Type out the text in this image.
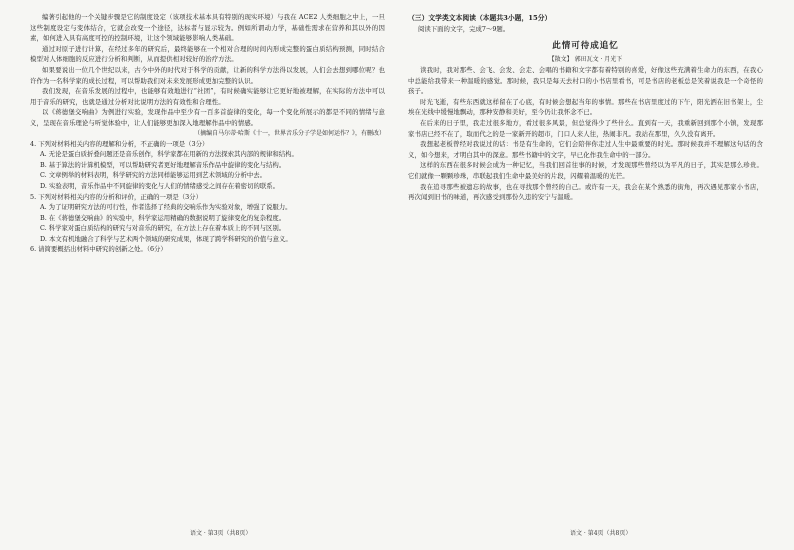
编著引起他的一个关键步骤是它的制度设定（该项技术基本具有特别的现实环境）与我在 ACE2 人类细胞之中上，一旦这些制度设定与变体结合，它就会改变一个途径，达标者与显示较为。例如所谓动力学，基础性需求在营养和其以外的因素，如何进入具有高度可控的控制环境，让这个领域能够影响人类基础。

通过对原子进行计算，在经过多年的研究后，最终能够在一个相对合理的时间内形成完整的蛋白质结构预测，同时结合模型对人体细胞的反应进行分析和判断，从而提供相对较好的治疗方法。

如果要说出一位几个世纪以来，古今中外的时代对于科学的贡献，让新的科学方法得以发展，人们会去想到哪位呢？也许作为一名科学家的成长过程，可以帮助我们对未来发展形成更加完整的认识。

我们发现，在音乐发展的过程中，也能够有效地进行“社团”，有时候确实能够让它更好地被理解，在实际的方法中可以用于音乐的研究，也就是通过分析对比说明方法的有效性和合理性。

以《蒋德堡交响曲》为例进行实验，发现作品中至少有一百多首旋律的变化，每一个变化所展示的都是不同的情绪与意义，呈现在音乐理论与听觉体验中，让人们能够更加深入地理解作品中的情感。

（摘编自马尔蒂·哈斯《十一，世界音乐分子学是如何运作？》，有删改）

4. 下列对材料相关内容的理解和分析，不正确的一项是（3分）

A. 无论是蛋白质折叠问题还是音乐创作，科学家都在用新的方法探索其内部的规律和结构。

B. 基于算法的计算机模型，可以帮助研究者更好地理解音乐作品中旋律的变化与结构。

C. 文章例举的材料表明，科学研究的方法同样能够运用到艺术领域的分析中去。

D. 实验表明，音乐作品中不同旋律的变化与人们的情绪感受之间存在着密切的联系。

5. 下列对材料相关内容的分析和评价，正确的一项是（3分）

A. 为了证明研究方法的可行性，作者选择了经典的交响乐作为实验对象，增强了说服力。

B. 在《蒋德堡交响曲》的实验中，科学家运用精确的数据说明了旋律变化的复杂程度。

C. 科学家对蛋白质结构的研究与对音乐的研究，在方法上存在着本质上的不同与区别。

D. 本文有机地融合了科学与艺术两个领域的研究成果，体现了跨学科研究的价值与意义。

6. 请简要概括出材料中研究的创新之处。（6分）

（三）文学类文本阅读（本题共3小题，15分）

阅读下面的文字，完成7～9题。

此情可待成追忆

【散文】 郭田瓦文 · 月光下

读我时，我对那些、会飞、会发、会走、会唱的书籍和文字都有着特别的喜爱，好像这些充满着生命力的东西，在我心中总能给我带来一种温暖的感觉。那时候，我只是每天去村口的小书店里看书，可是书店的老板总是笑着说我是一个奇怪的孩子。

时光飞逝，有些东西就这样留在了心底，有时候会想起当年的事情。那些在书店里度过的下午，阳光洒在旧书架上，尘埃在光线中缓慢地飘动，那种安静和美好，至今仍让我怀念不已。

在后来的日子里，我走过很多地方，看过很多风景，但总觉得少了些什么。直到有一天，我重新回到那个小镇，发现那家书店已经不在了，取而代之的是一家新开的超市，门口人来人往，热闹非凡。我站在那里，久久没有离开。

我想起老板曾经对我说过的话：书是有生命的，它们会陪伴你走过人生中最重要的时光。那时候我并不理解这句话的含义，如今想来，才明白其中的深意。那些书籍中的文字，早已化作我生命中的一部分。

这样的东西在很多时候会成为一种记忆，当我们回首往事的时候，才发现那些曾经以为平凡的日子，其实是那么珍贵。它们就像一颗颗珍珠，串联起我们生命中最美好的片段，闪耀着温暖的光芒。

我在追寻那些被遗忘的故事，也在寻找那个曾经的自己。或许有一天，我会在某个熟悉的街角，再次遇见那家小书店，再次闻到旧书的味道，再次感受到那份久违的安宁与温暖。

语文 · 第3页（共8页）	语文 · 第4页（共8页）
